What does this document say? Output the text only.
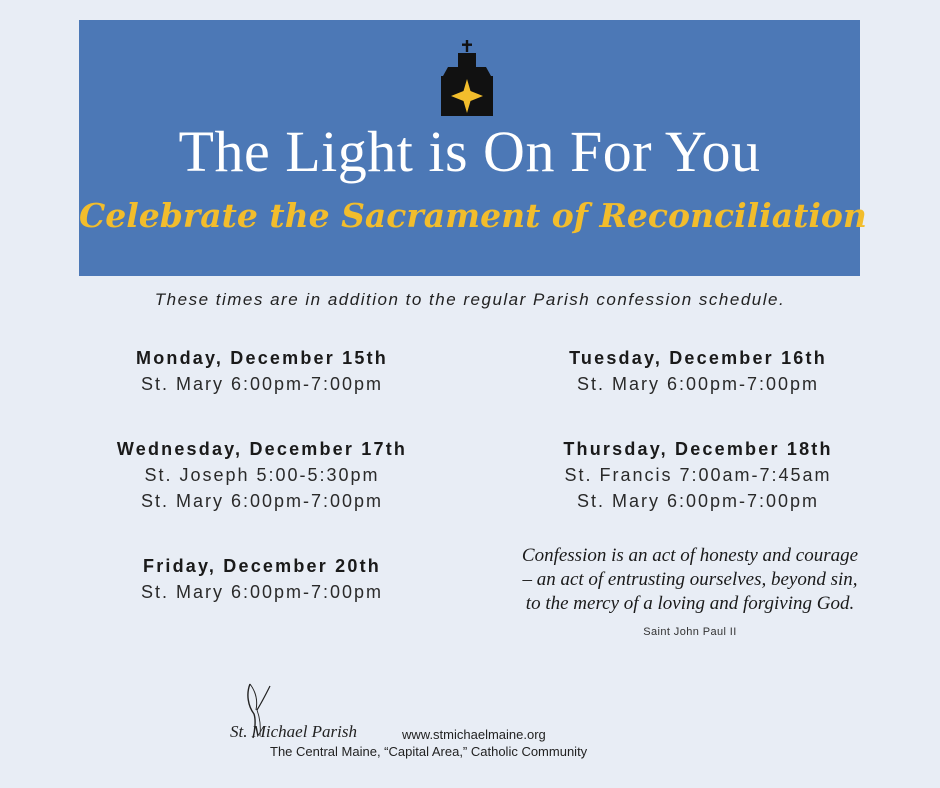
The Light is On For You
Celebrate the Sacrament of Reconciliation
These times are in addition to the regular Parish confession schedule.
Monday, December 15th
St. Mary 6:00pm-7:00pm
Tuesday, December 16th
St. Mary 6:00pm-7:00pm
Wednesday, December 17th
St. Joseph 5:00-5:30pm
St. Mary 6:00pm-7:00pm
Thursday, December 18th
St. Francis 7:00am-7:45am
St. Mary 6:00pm-7:00pm
Friday, December 20th
St. Mary 6:00pm-7:00pm
Confession is an act of honesty and courage
– an act of entrusting ourselves, beyond sin,
to the mercy of a loving and forgiving God.
Saint John Paul II
St. Michael Parish	www.stmichaelmaine.org
The Central Maine, “Capital Area,” Catholic Community
